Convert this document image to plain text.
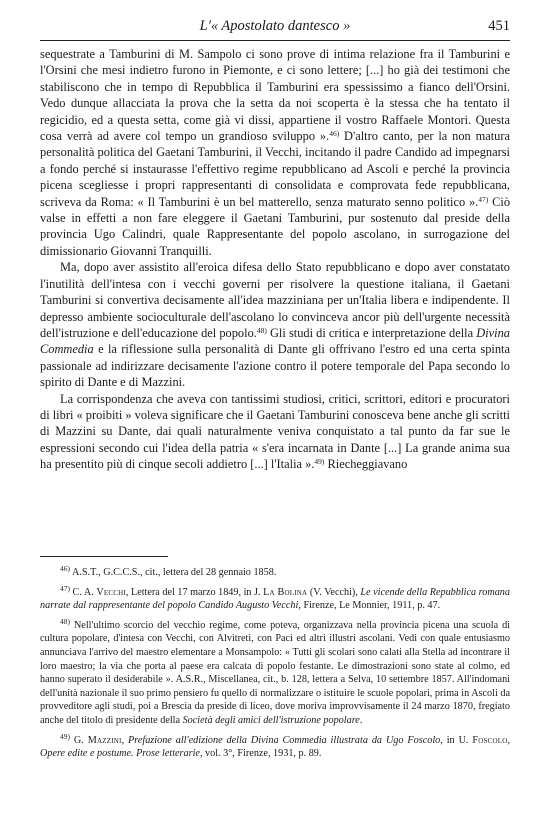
L'« Apostolato dantesco »	451

sequestrate a Tamburini di M. Sampolo ci sono prove di intima relazione fra il Tamburini e l'Orsini che mesi indietro furono in Piemonte, e ci sono lettere; [...] ho già dei testimoni che stabiliscono che in tempo di Repubblica il Tamburini era spessissimo a fianco dell'Orsini. Vedo dunque allacciata la prova che la setta da noi scoperta è la stessa che ha tentato il regicidio, ed a questa setta, come già vi dissi, appartiene il vostro Raffaele Montori. Questa cosa verrà ad avere col tempo un grandioso sviluppo ».$^{46)}$ D'altro canto, per la non matura personalità politica del Gaetani Tamburini, il Vecchi, incitando il padre Candido ad impegnarsi a fondo perché si instaurasse l'effettivo regime repubblicano ad Ascoli e perché la provincia picena scegliesse i propri rappresentanti di consolidata e comprovata fede repubblicana, scriveva da Roma: « Il Tamburini è un bel matterello, senza maturato senno politico ».$^{47)}$ Ciò valse in effetti a non fare eleggere il Gaetani Tamburini, pur sostenuto dal preside della provincia Ugo Calindri, quale Rappresentante del popolo ascolano, in surrogazione del dimissionario Giovanni Tranquilli.

Ma, dopo aver assistito all'eroica difesa dello Stato repubblicano e dopo aver constatato l'inutilità dell'intesa con i vecchi governi per risolvere la questione italiana, il Gaetani Tamburini si convertiva decisamente all'idea mazziniana per un'Italia libera e indipendente. Il depresso ambiente socioculturale dell'ascolano lo convinceva ancor più dell'urgente necessità dell'istruzione e dell'educazione del popolo.$^{48)}$ Gli studi di critica e interpretazione della Divina Commedia e la riflessione sulla personalità di Dante gli offrivano l'estro ed una certa spinta passionale ad indirizzare decisamente l'azione contro il potere temporale del Papa secondo lo spirito di Dante e di Mazzini.

La corrispondenza che aveva con tantissimi studiosi, critici, scrittori, editori e procuratori di libri « proibiti » voleva significare che il Gaetani Tamburini conosceva bene anche gli scritti di Mazzini su Dante, dai quali naturalmente veniva conquistato a tal punto da far sue le espressioni secondo cui l'idea della patria « s'era incarnata in Dante [...] La grande anima sua ha presentito più di cinque secoli addietro [...] l'Italia ».$^{49)}$ Riecheggiavano

$^{46)}$ A.S.T., G.C.C.S., cit., lettera del 28 gennaio 1858.

$^{47)}$ C. A. Vecchi, Lettera del 17 marzo 1849, in J. La Bolina (V. Vecchi), Le vicende della Repubblica romana narrate dal rappresentante del popolo Candido Augusto Vecchi, Firenze, Le Monnier, 1911, p. 47.

$^{48)}$ Nell'ultimo scorcio del vecchio regime, come poteva, organizzava nella provincia picena una scuola di cultura popolare, d'intesa con Vecchi, con Alvitreti, con Paci ed altri illustri ascolani. Vedi con quale entusiasmo annunciava l'arrivo del maestro elementare a Monsampolo: « Tutti gli scolari sono calati alla Stella ad incontrare il loro maestro; la via che porta al paese era calcata di popolo festante. Le dimostrazioni sono state al colmo, ed hanno superato il desiderabile ». A.S.R., Miscellanea, cit., b. 128, lettera a Selva, 10 settembre 1857. All'indomani dell'unità nazionale il suo primo pensiero fu quello di normalizzare o istituire le scuole popolari, prima in Ascoli da provveditore agli studi, poi a Brescia da preside di liceo, dove moriva improvvisamente il 24 marzo 1870, fregiato anche del titolo di presidente della Società degli amici dell'istruzione popolare.

$^{49)}$ G. Mazzini, Prefazione all'edizione della Divina Commedia illustrata da Ugo Foscolo, in U. Foscolo, Opere edite e postume. Prose letterarie, vol. 3°, Firenze, 1931, p. 89.
